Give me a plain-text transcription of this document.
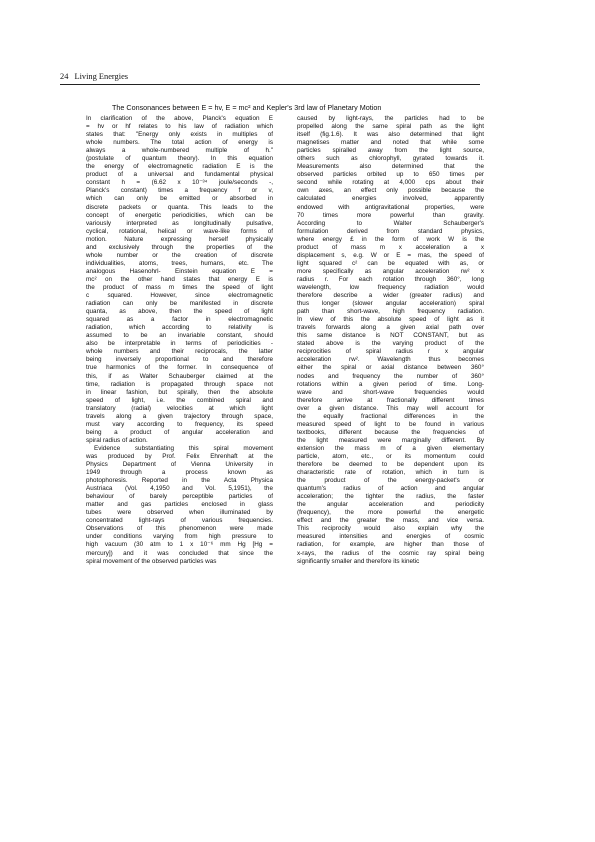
24 Living Energies
The Consonances between E = hv, E = mc² and Kepler's 3rd law of Planetary Motion
In clarification of the above, Planck's equation E
= hv or hf relates to his law of radiation which
states that: "Energy only exists in multiples of
whole numbers. The total action of energy is
always a whole-numbered multiple of h."
(postulate of quantum theory). In this equation
the energy of electromagnetic radiation E is the
product of a universal and fundamental physical
constant h = (6.62 x 10⁻³⁴ joule/seconds -,
Planck's constant) times a frequency f or v,
which can only be emitted or absorbed in
discrete packets or quanta. This leads to the
concept of energetic periodicities, which can be
variously interpreted as longitudinally pulsative,
cyclical, rotational, helical or wave-like forms of
motion. Nature expressing herself physically
and exclusively through the properties of the
whole number or the creation of discrete
individualities, atoms, trees, humans, etc. The
analogous Hasenohrl- Einstein equation E =
mc² on the other hand states that energy E is
the product of mass m times the speed of light
c squared. However, since electromagnetic
radiation can only be manifested in discrete
quanta, as above, then the speed of light
squared as a factor in electromagnetic
radiation, which according to relativity is
assumed to be an invariable constant, should
also be interpretable in terms of periodicities -
whole numbers and their reciprocals, the latter
being inversely proportional to and therefore
true harmonics of the former. In consequence of
this, if as Walter Schauberger claimed at the
time, radiation is propagated through space not
in linear fashion, but spirally, then the absolute
speed of light, i.e. the combined spiral and
translatory (radial) velocities at which light
travels along a given trajectory through space,
must vary according to frequency, its speed
being a product of angular acceleration and
spiral radius of action.
Evidence substantiating this spiral movement
was produced by Prof. Felix Ehrenhaft at the
Physics Department of Vienna University in
1949 through a process known as
photophoresis. Reported in the Acta Physica
Austriaca (Vol. 4,1950 and Vol. 5,1951), the
behaviour of barely perceptible particles of
matter and gas particles enclosed in glass
tubes were observed when illuminated by
concentrated light-rays of various frequencies.
Observations of this phenomenon were made
under conditions varying from high pressure to
high vacuum (30 atm to 1 x 10⁻⁶ mm Hg [Hg =
mercury]) and it was concluded that since the
spiral movement of the observed particles was
caused by light-rays, the particles had to be
propelled along the same spiral path as the light
itself (fig.1.6). It was also determined that light
magnetises matter and noted that while some
particles spiralled away from the light source,
others such as chlorophyll, gyrated towards it.
Measurements also determined that the
observed particles orbited up to 650 times per
second while rotating at 4,000 cps about their
own axes, an effect only possible because the
calculated energies involved, apparently
endowed with antigravitational properties, were
70 times more powerful than gravity.
According to Walter Schauberger's
formulation derived from standard physics,
where energy £ in the form of work W is the
product of mass m x acceleration a x
displacement s, e.g. W or E = mas, the speed of
light squared c² can be equated with as, or
more specifically as angular acceleration rw² x
radius r. For each rotation through 360°, long
wavelength, low frequency radiation would
therefore describe a wider (greater radius) and
thus longer (slower angular acceleration) spiral
path than short-wave, high frequency radiation.
In view of this the absolute speed of light as it
travels forwards along a given axial path over
this same distance is NOT CONSTANT, but as
stated above is the varying product of the
reciprocities of spiral radius r x angular
acceleration rw². Wavelength thus becomes
either the spiral or axial distance between 360°
nodes and frequency the number of 360°
rotations within a given period of time. Long-
wave and short-wave frequencies would
therefore arrive at fractionally different times
over a given distance. This may well account for
the equally fractional differences in the
measured speed of light to be found in various
textbooks, different because the frequencies of
the light measured were marginally different. By
extension the mass m of a given elementary
particle, atom, etc., or its momentum could
therefore be deemed to be dependent upon its
characteristic rate of rotation, which in turn is
the product of the energy-packet's or
quantum's radius of action and angular
acceleration; the tighter the radius, the faster
the angular acceleration and periodicity
(frequency), the more powerful the energetic
effect and the greater the mass, and vice versa.
This reciprocity would also explain why the
measured intensities and energies of cosmic
radiation, for example, are higher than those of
x-rays, the radius of the cosmic ray spiral being
significantly smaller and therefore its kinetic
